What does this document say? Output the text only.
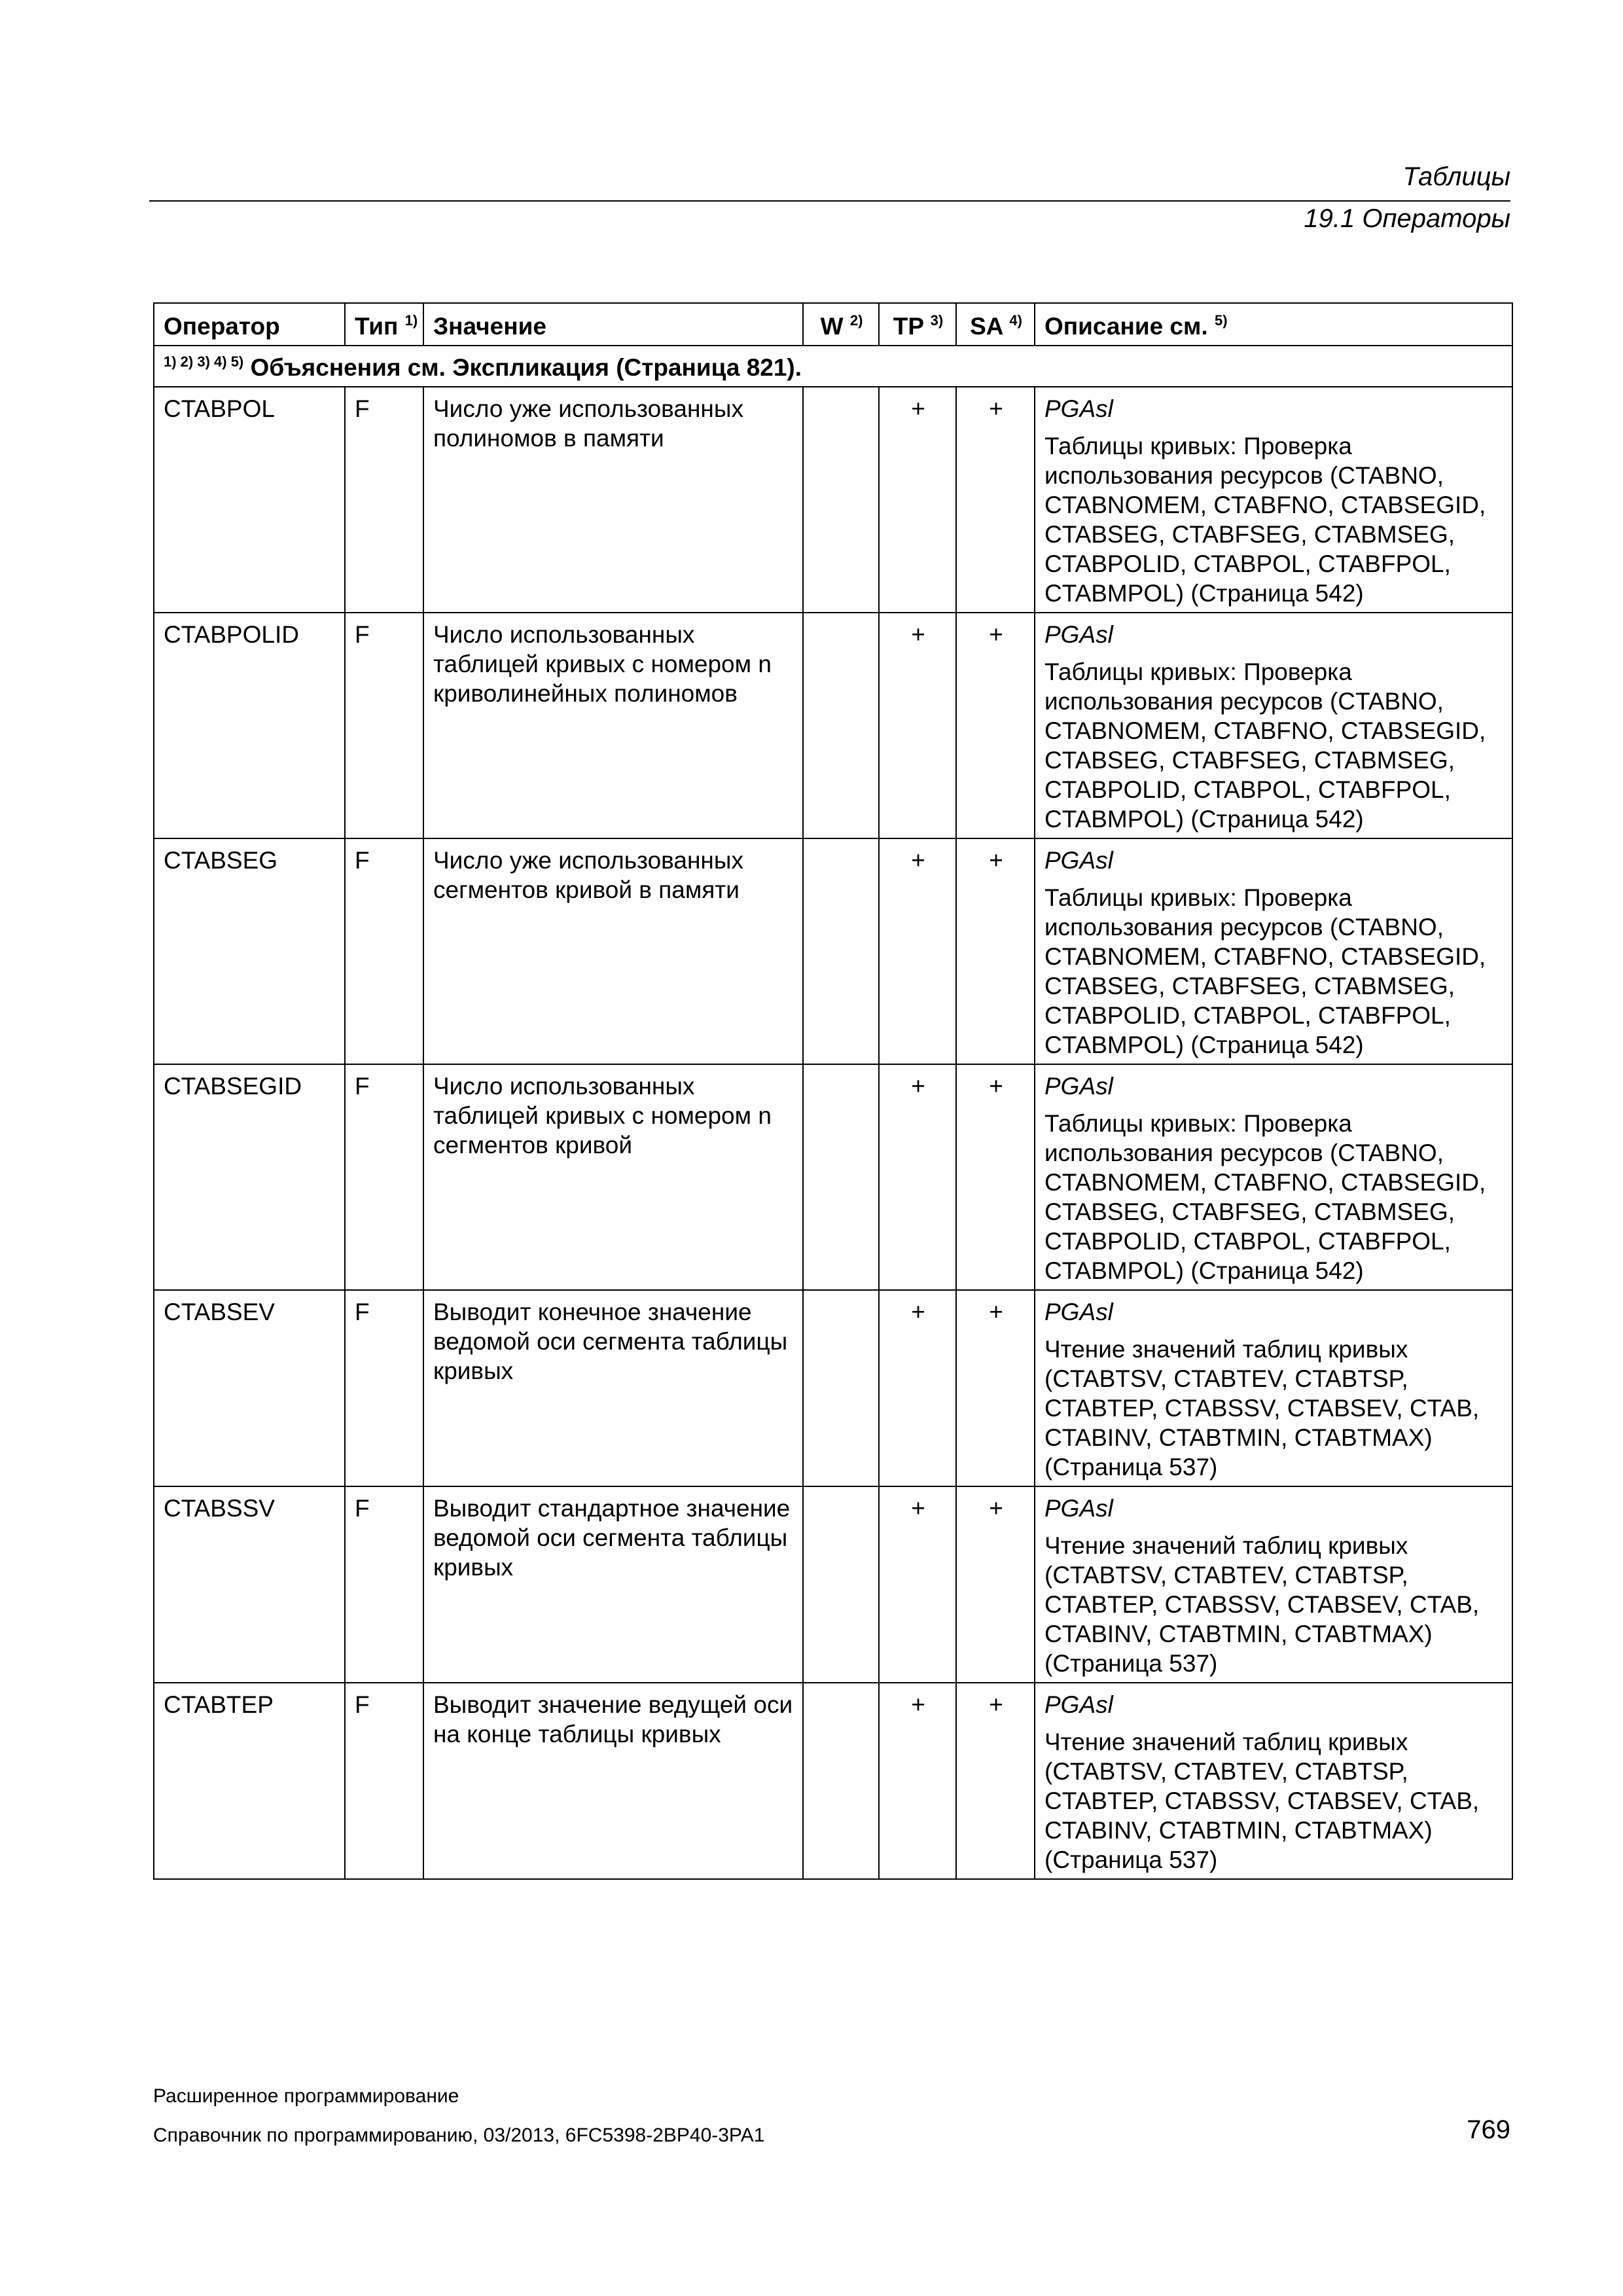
Таблицы
19.1 Операторы
Оператор	Тип $^{1)}$	Значение	W $^{2)}$	TP $^{3)}$	SA $^{4)}$	Описание см. $^{5)}$
$^{1) 2) 3) 4) 5)}$ Объяснения см. Экспликация (Страница 821).						
CTABPOL	F	Число уже использованных полиномов в памяти		+	+	PGAsl
Таблицы кривых: Проверка использования ресурсов (CTABNO, CTABNOMEM, CTABFNO, CTABSEGID, CTABSEG, CTABFSEG, CTABMSEG, CTABPOLID, CTABPOL, CTABFPOL, CTABMPOL) (Страница 542)

CTABPOLID	F	Число использованных таблицей кривых с номером n криволинейных полиномов		+	+	PGAsl
Таблицы кривых: Проверка использования ресурсов (CTABNO, CTABNOMEM, CTABFNO, CTABSEGID, CTABSEG, CTABFSEG, CTABMSEG, CTABPOLID, CTABPOL, CTABFPOL, CTABMPOL) (Страница 542)

CTABSEG	F	Число уже использованных сегментов кривой в памяти		+	+	PGAsl
Таблицы кривых: Проверка использования ресурсов (CTABNO, CTABNOMEM, CTABFNO, CTABSEGID, CTABSEG, CTABFSEG, CTABMSEG, CTABPOLID, CTABPOL, CTABFPOL, CTABMPOL) (Страница 542)

CTABSEGID	F	Число использованных таблицей кривых с номером n сегментов кривой		+	+	PGAsl
Таблицы кривых: Проверка использования ресурсов (CTABNO, CTABNOMEM, CTABFNO, CTABSEGID, CTABSEG, CTABFSEG, CTABMSEG, CTABPOLID, CTABPOL, CTABFPOL, CTABMPOL) (Страница 542)

CTABSEV	F	Выводит конечное значение ведомой оси сегмента таблицы кривых		+	+	PGAsl
Чтение значений таблиц кривых (CTABTSV, CTABTEV, CTABTSP, CTABTEP, CTABSSV, CTABSEV, CTAB, CTABINV, CTABTMIN, CTABTMAX) (Страница 537)

CTABSSV	F	Выводит стандартное значение ведомой оси сегмента таблицы кривых		+	+	PGAsl
Чтение значений таблиц кривых (CTABTSV, CTABTEV, CTABTSP, CTABTEP, CTABSSV, CTABSEV, CTAB, CTABINV, CTABTMIN, CTABTMAX) (Страница 537)

CTABTEP	F	Выводит значение ведущей оси на конце таблицы кривых		+	+	PGAsl
Чтение значений таблиц кривых (CTABTSV, CTABTEV, CTABTSP, CTABTEP, CTABSSV, CTABSEV, CTAB, CTABINV, CTABTMIN, CTABTMAX) (Страница 537)
Расширенное программирование
Справочник по программированию, 03/2013, 6FC5398-2BP40-3PA1	769
